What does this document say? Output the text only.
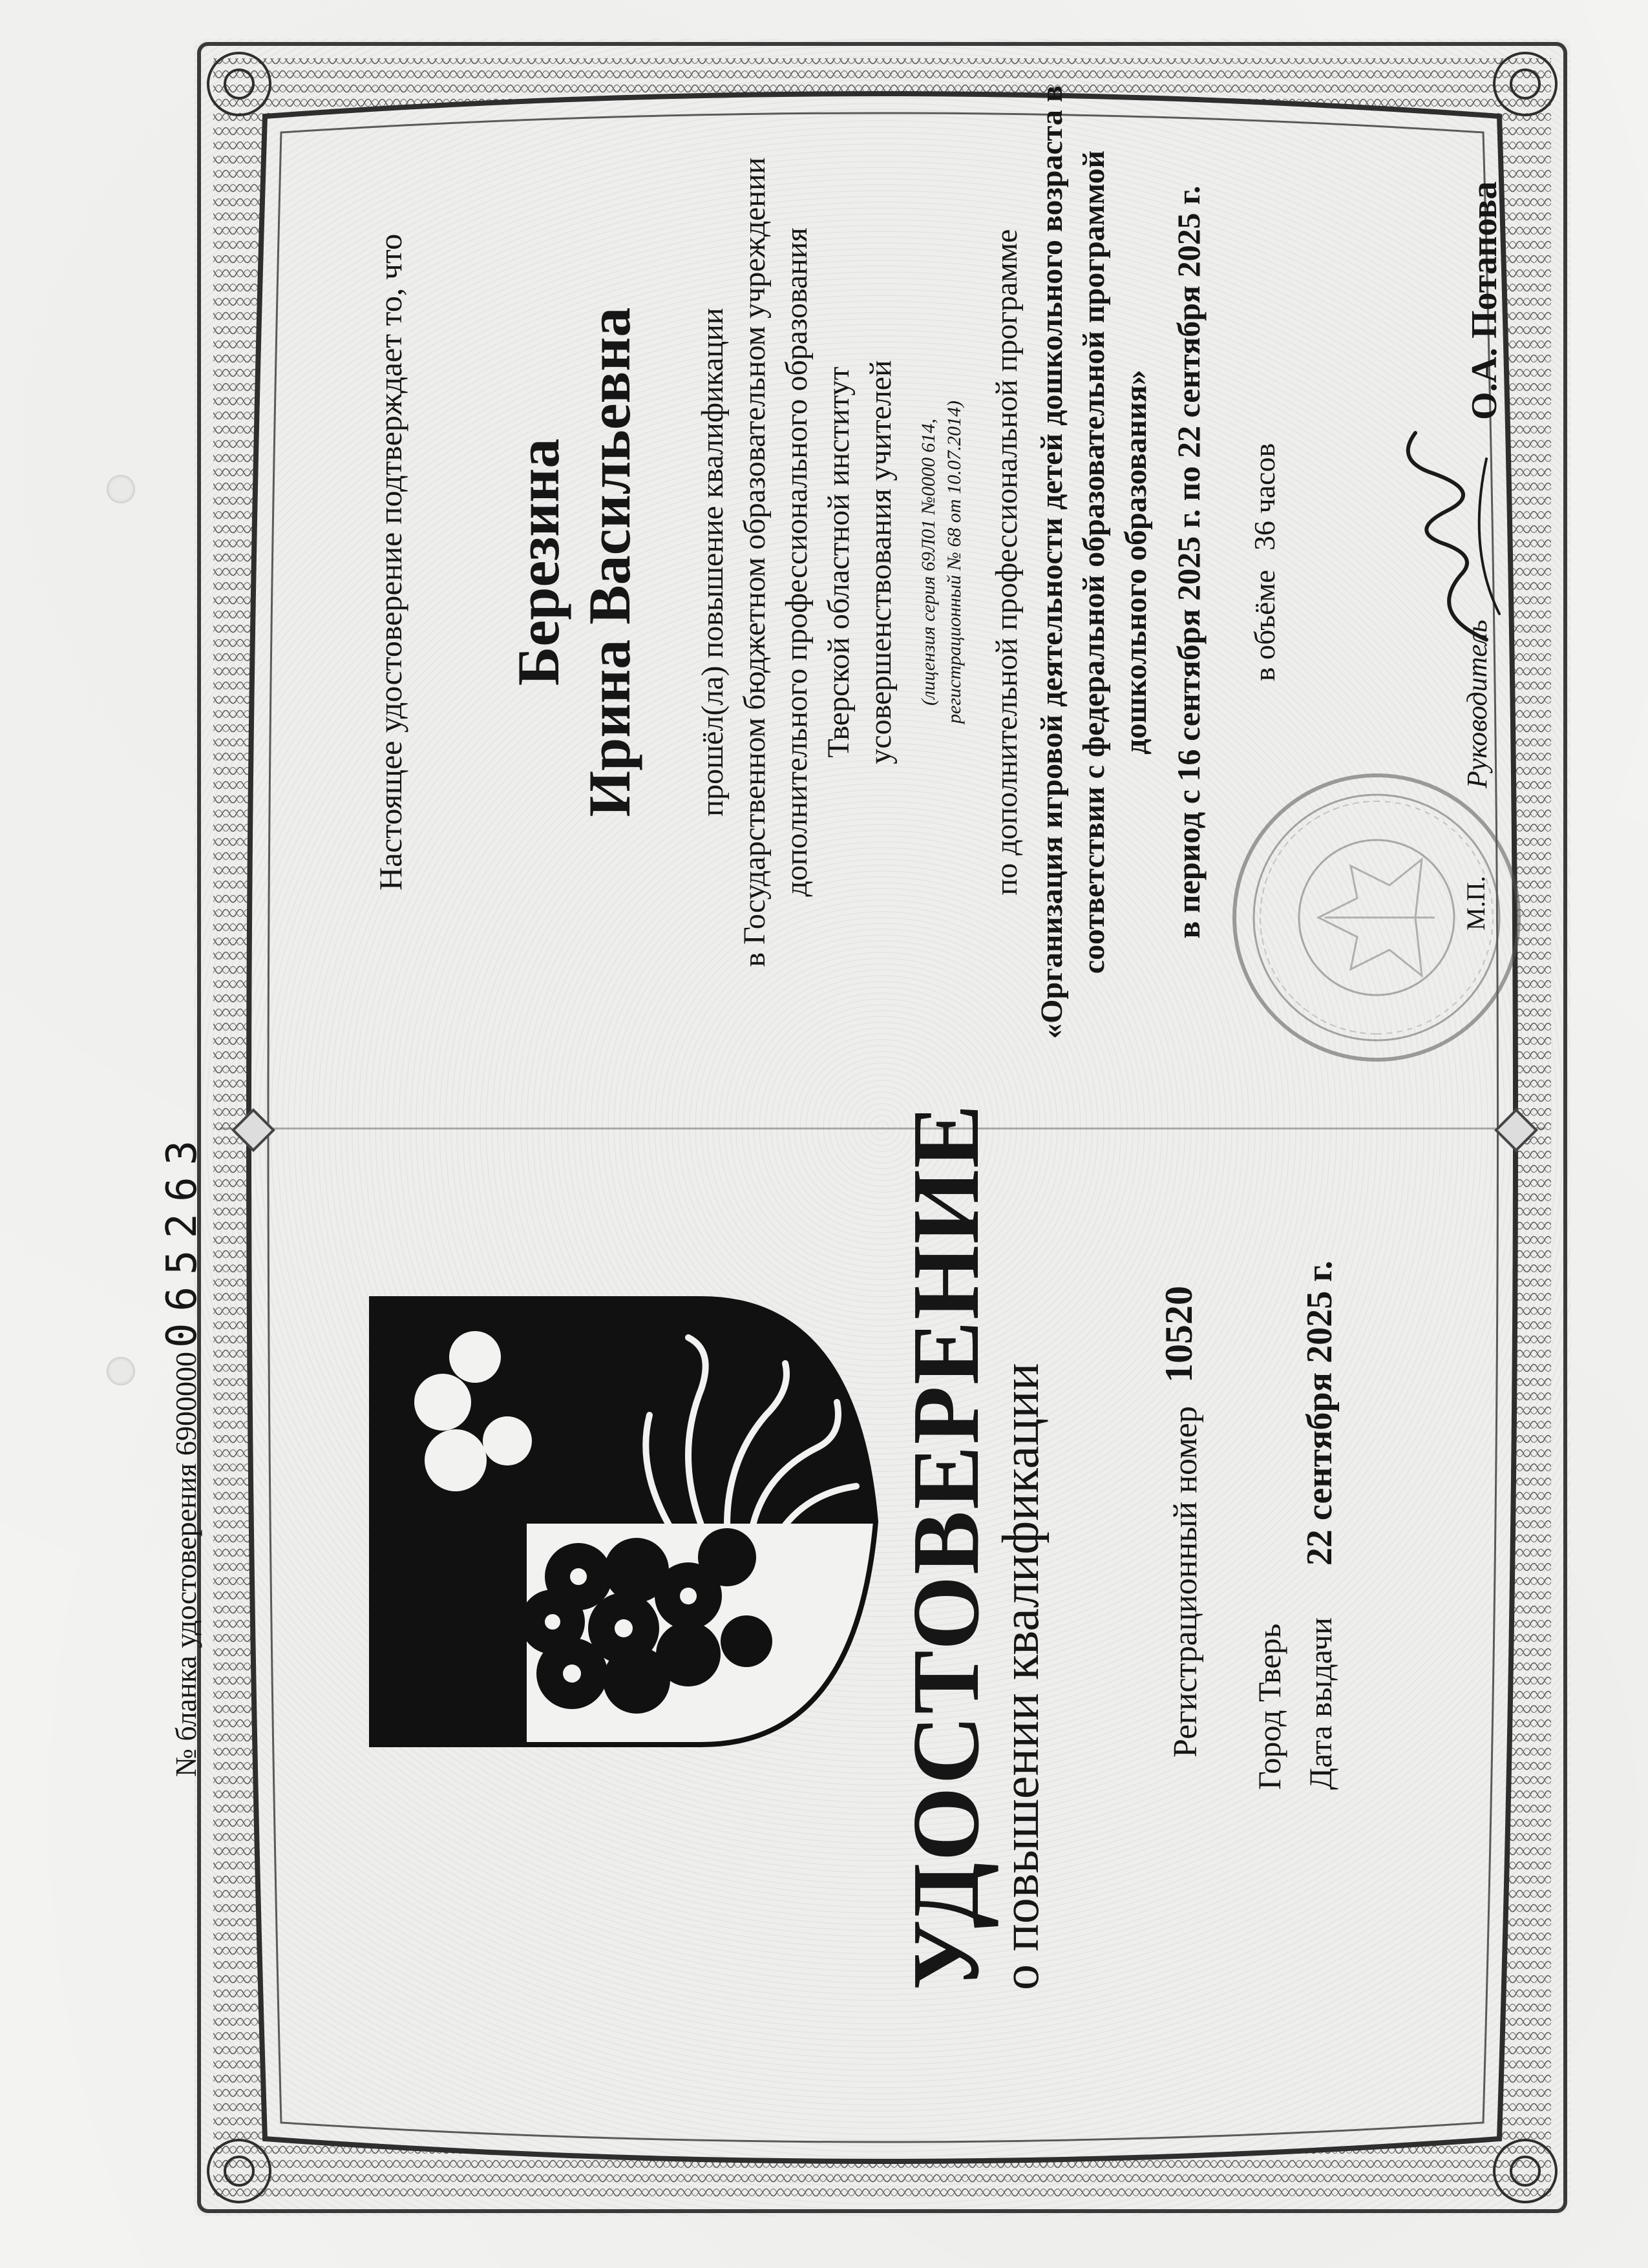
№ бланка удостоверения 6900000065263	УДОСТОВЕРЕНИЕ
о повышении квалификации	Регистрационный номер
10520
Город Тверь Дата выдачи22 сентября 2025 г.
Настоящее удостоверение подтверждает то, что Березина Ирина Васильевна прошёл(ла) повышение квалификации в Государственном бюджетном образовательном учреждении дополнительного профессионального образования Тверской областной институт усовершенствования учителей (лицензия серия 69Л01 №0000 614, регистрационный № 68 от 10.07.2014) по дополнительной профессиональной программе «Организация игровой деятельности детей дошкольного возраста в соответствии с федеральной образовательной программой дошкольного образования» в период с 16 сентября 2025 г. по 22 сентября 2025 г. в объёме36 часов
М.П.
Руководитель
О.А. Потапова
